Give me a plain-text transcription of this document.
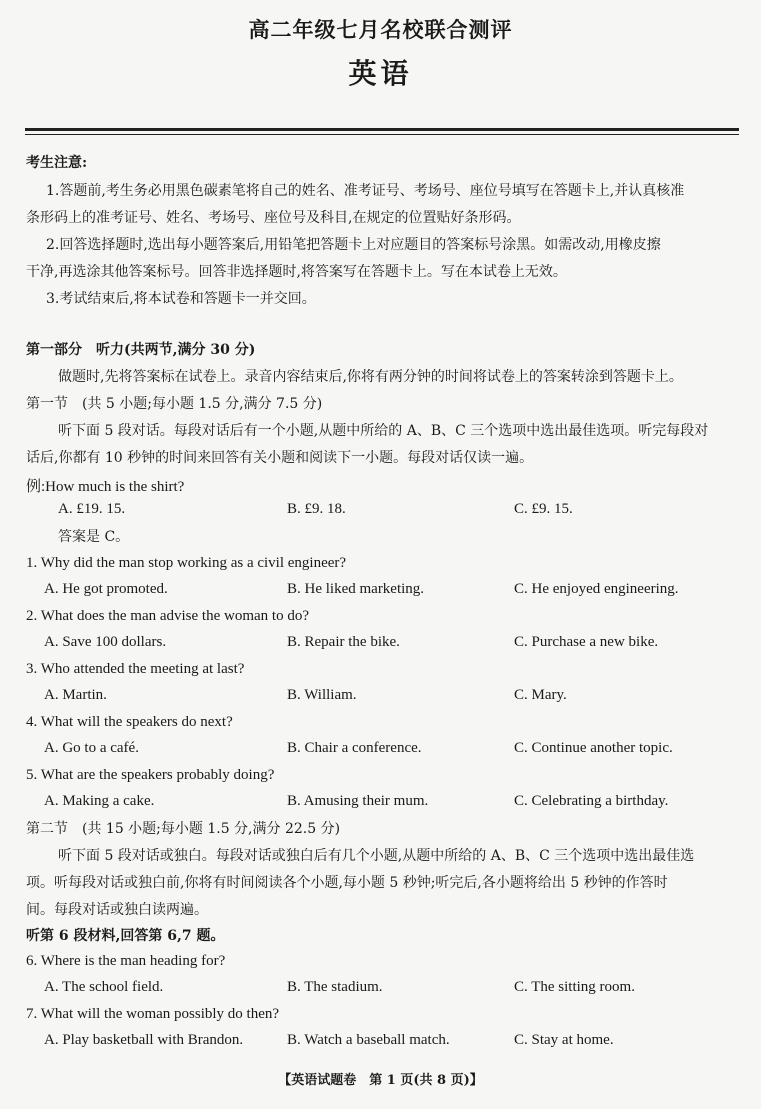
高二年级七月名校联合测评
英语
考生注意:
1.答题前,考生务必用黑色碳素笔将自己的姓名、准考证号、考场号、座位号填写在答题卡上,并认真核准
条形码上的准考证号、姓名、考场号、座位号及科目,在规定的位置贴好条形码。
2.回答选择题时,选出每小题答案后,用铅笔把答题卡上对应题目的答案标号涂黑。如需改动,用橡皮擦
干净,再选涂其他答案标号。回答非选择题时,将答案写在答题卡上。写在本试卷上无效。
3.考试结束后,将本试卷和答题卡一并交回。
第一部分　听力(共两节,满分 30 分)
做题时,先将答案标在试卷上。录音内容结束后,你将有两分钟的时间将试卷上的答案转涂到答题卡上。
第一节　(共 5 小题;每小题 1.5 分,满分 7.5 分)
听下面 5 段对话。每段对话后有一个小题,从题中所给的 A、B、C 三个选项中选出最佳选项。听完每段对
话后,你都有 10 秒钟的时间来回答有关小题和阅读下一小题。每段对话仅读一遍。
例:How much is the shirt?
A. £19. 15.	B. £9. 18.	C. £9. 15.
答案是 C。
1. Why did the man stop working as a civil engineer?
A. He got promoted.	B. He liked marketing.	C. He enjoyed engineering.
2. What does the man advise the woman to do?
A. Save 100 dollars.	B. Repair the bike.	C. Purchase a new bike.
3. Who attended the meeting at last?
A. Martin.	B. William.	C. Mary.
4. What will the speakers do next?
A. Go to a café.	B. Chair a conference.	C. Continue another topic.
5. What are the speakers probably doing?
A. Making a cake.	B. Amusing their mum.	C. Celebrating a birthday.
第二节　(共 15 小题;每小题 1.5 分,满分 22.5 分)
听下面 5 段对话或独白。每段对话或独白后有几个小题,从题中所给的 A、B、C 三个选项中选出最佳选
项。听每段对话或独白前,你将有时间阅读各个小题,每小题 5 秒钟;听完后,各小题将给出 5 秒钟的作答时
间。每段对话或独白读两遍。
听第 6 段材料,回答第 6,7 题。
6. Where is the man heading for?
A. The school field.	B. The stadium.	C. The sitting room.
7. What will the woman possibly do then?
A. Play basketball with Brandon.	B. Watch a baseball match.	C. Stay at home.
【英语试题卷　第 1 页(共 8 页)】
